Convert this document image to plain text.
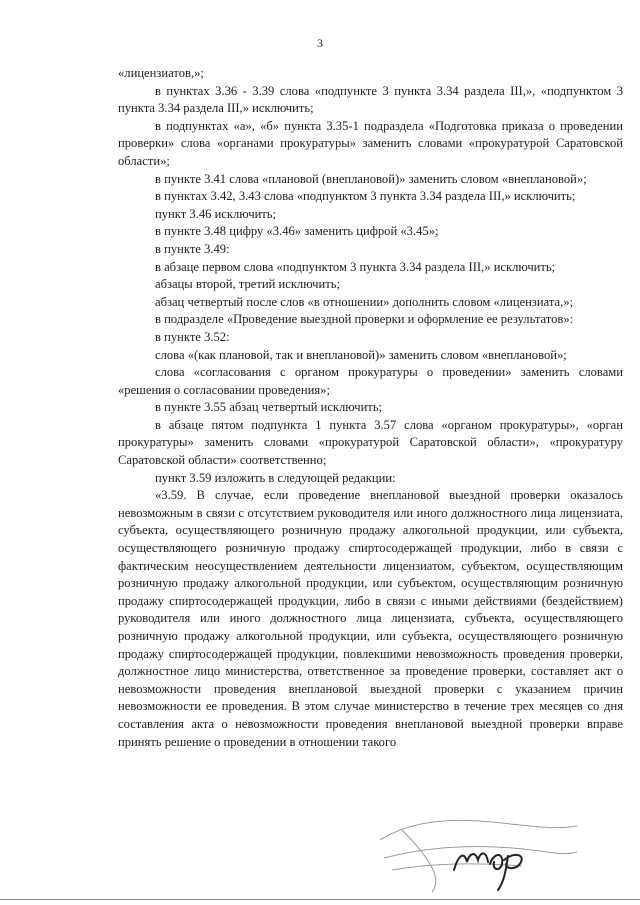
3

«лицензиатов,»;

в пунктах 3.36 - 3.39 слова «подпункте 3 пункта 3.34 раздела III,», «подпунктом 3 пункта 3.34 раздела III,» исключить;

в подпунктах «а», «б» пункта 3.35-1 подраздела «Подготовка приказа о проведении проверки» слова «органами прокуратуры» заменить словами «прокуратурой Саратовской области»;

в пункте 3.41 слова «плановой (внеплановой)» заменить словом «внеплановой»;

в пунктах 3.42, 3.43 слова «подпунктом 3 пункта 3.34 раздела III,» исключить;

пункт 3.46 исключить;

в пункте 3.48 цифру «3.46» заменить цифрой «3.45»;

в пункте 3.49:

в абзаце первом слова «подпунктом 3 пункта 3.34 раздела III,» исключить;

абзацы второй, третий исключить;

абзац четвертый после слов «в отношении» дополнить словом «лицензиата,»;

в подразделе «Проведение выездной проверки и оформление ее результатов»:

в пункте 3.52:

слова «(как плановой, так и внеплановой)» заменить словом «внеплановой»;

слова «согласования с органом прокуратуры о проведении» заменить словами «решения о согласовании проведения»;

в пункте 3.55 абзац четвертый исключить;

в абзаце пятом подпункта 1 пункта 3.57 слова «органом прокуратуры», «орган прокуратуры» заменить словами «прокуратурой Саратовской области», «прокуратуру Саратовской области» соответственно;

пункт 3.59 изложить в следующей редакции:

«3.59. В случае, если проведение внеплановой выездной проверки оказалось невозможным в связи с отсутствием руководителя или иного должностного лица лицензиата, субъекта, осуществляющего розничную продажу алкогольной продукции, или субъекта, осуществляющего розничную продажу спиртосодержащей продукции, либо в связи с фактическим неосуществлением деятельности лицензиатом, субъектом, осуществляющим розничную продажу алкогольной продукции, или субъектом, осуществляющим розничную продажу спиртосодержащей продукции, либо в связи с иными действиями (бездействием) руководителя или иного должностного лица лицензиата, субъекта, осуществляющего розничную продажу алкогольной продукции, или субъекта, осуществляющего розничную продажу спиртосодержащей продукции, повлекшими невозможность проведения проверки, должностное лицо министерства, ответственное за проведение проверки, составляет акт о невозможности проведения внеплановой выездной проверки с указанием причин невозможности ее проведения. В этом случае министерство в течение трех месяцев со дня составления акта о невозможности проведения внеплановой выездной проверки вправе принять решение о проведении в отношении такого
